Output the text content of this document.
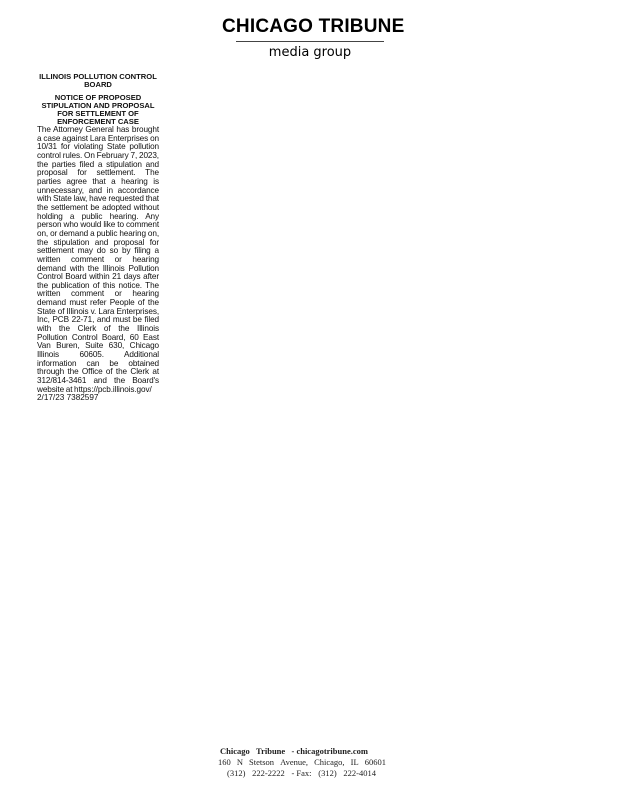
CHICAGO TRIBUNE
media group
ILLINOIS POLLUTION CONTROL BOARD
NOTICE OF PROPOSED STIPULATION AND PROPOSAL FOR SETTLEMENT OF ENFORCEMENT CASE
The Attorney General has brought a case against Lara Enterprises on 10/31 for violating State pollution control rules. On February 7, 2023, the parties filed a stipulation and proposal for settlement. The parties agree that a hearing is unnecessary, and in accordance with State law, have requested that the settlement be adopted without holding a public hearing. Any person who would like to comment on, or demand a public hearing on, the stipulation and proposal for settlement may do so by filing a written comment or hearing demand with the Illinois Pollution Control Board within 21 days after the publication of this notice. The written comment or hearing demand must refer People of the State of Illinois v. Lara Enterprises, Inc, PCB 22-71, and must be filed with the Clerk of the Illinois Pollution Control Board, 60 East Van Buren, Suite 630, Chicago Illinois 60605. Additional information can be obtained through the Office of the Clerk at 312/814-3461 and the Board's website at https://pcb.illinois.gov/
2/17/23 7382597
Chicago Tribune - chicagotribune.com
160 N Stetson Avenue, Chicago, IL 60601
(312) 222-2222 - Fax: (312) 222-4014
